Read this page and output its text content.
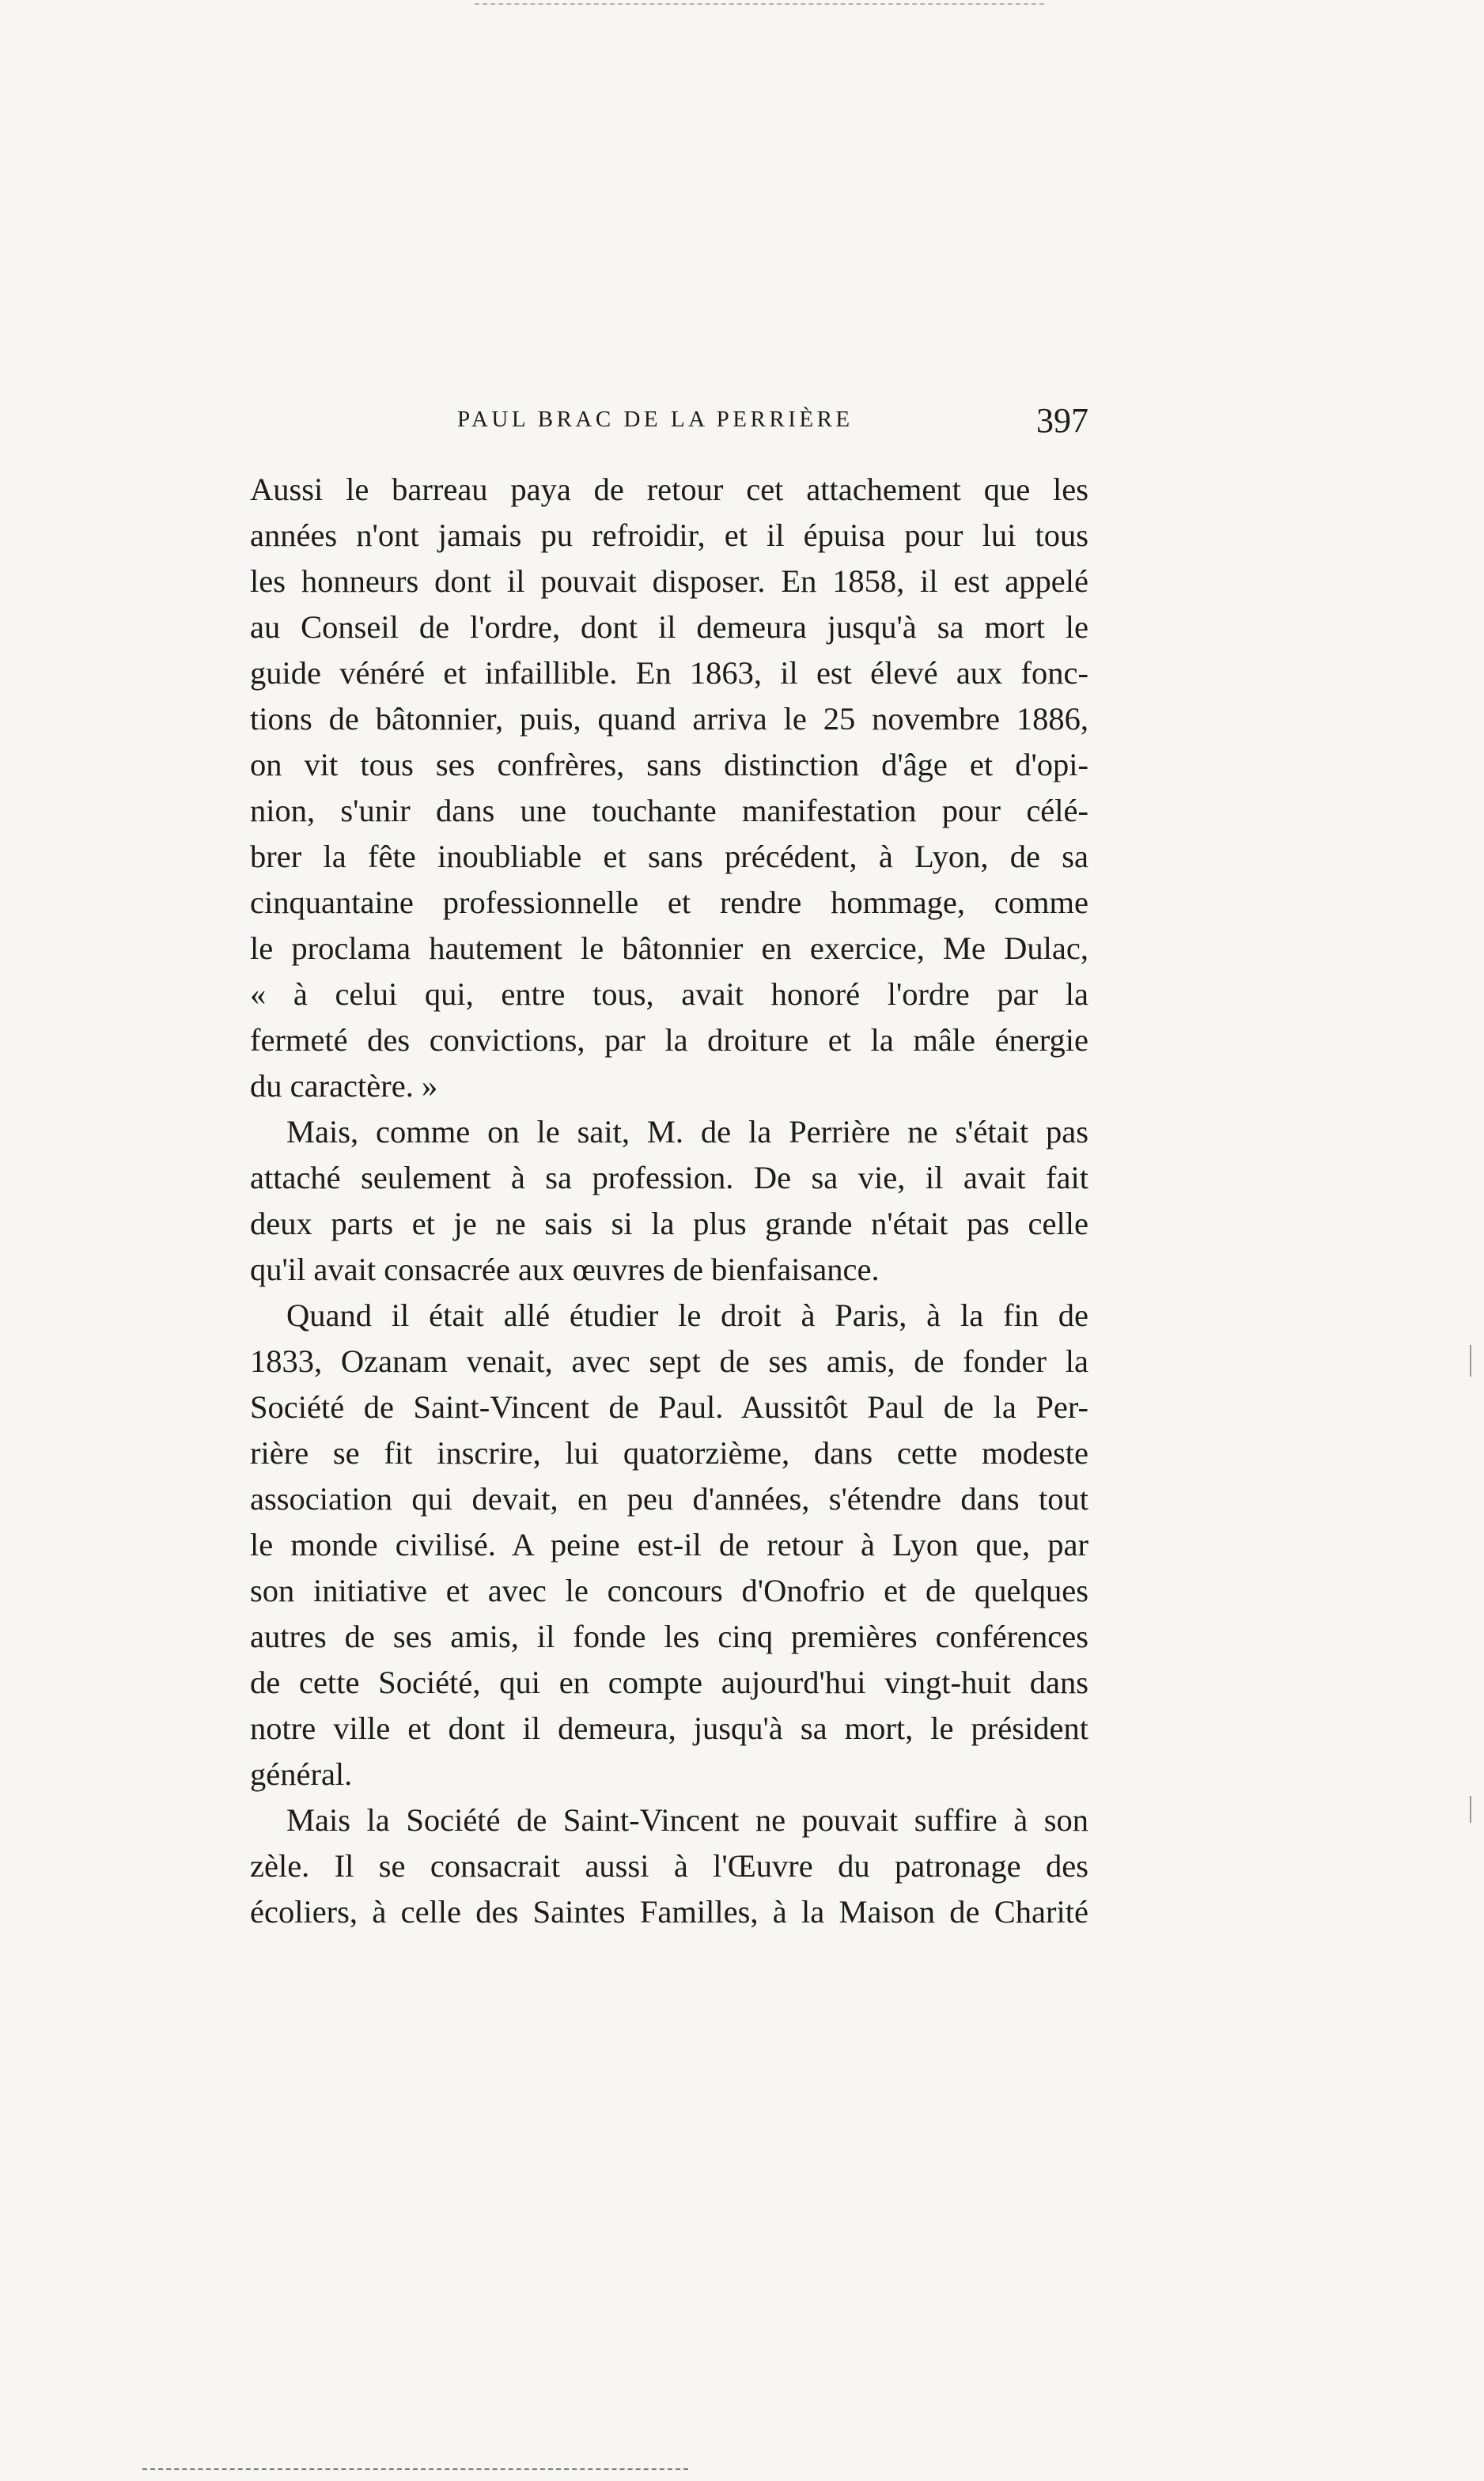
PAUL BRAC DE LA PERRIÈRE	397

Aussi le barreau paya de retour cet attachement que les
années n'ont jamais pu refroidir, et il épuisa pour lui tous
les honneurs dont il pouvait disposer. En 1858, il est appelé
au Conseil de l'ordre, dont il demeura jusqu'à sa mort le
guide vénéré et infaillible. En 1863, il est élevé aux fonc-
tions de bâtonnier, puis, quand arriva le 25 novembre 1886,
on vit tous ses confrères, sans distinction d'âge et d'opi-
nion, s'unir dans une touchante manifestation pour célé-
brer la fête inoubliable et sans précédent, à Lyon, de sa
cinquantaine professionnelle et rendre hommage, comme
le proclama hautement le bâtonnier en exercice, Me Dulac,
« à celui qui, entre tous, avait honoré l'ordre par la
fermeté des convictions, par la droiture et la mâle énergie
du caractère. »

Mais, comme on le sait, M. de la Perrière ne s'était pas
attaché seulement à sa profession. De sa vie, il avait fait
deux parts et je ne sais si la plus grande n'était pas celle
qu'il avait consacrée aux œuvres de bienfaisance.

Quand il était allé étudier le droit à Paris, à la fin de
1833, Ozanam venait, avec sept de ses amis, de fonder la
Société de Saint-Vincent de Paul. Aussitôt Paul de la Per-
rière se fit inscrire, lui quatorzième, dans cette modeste
association qui devait, en peu d'années, s'étendre dans tout
le monde civilisé. A peine est-il de retour à Lyon que, par
son initiative et avec le concours d'Onofrio et de quelques
autres de ses amis, il fonde les cinq premières conférences
de cette Société, qui en compte aujourd'hui vingt-huit dans
notre ville et dont il demeura, jusqu'à sa mort, le président
général.

Mais la Société de Saint-Vincent ne pouvait suffire à son
zèle. Il se consacrait aussi à l'Œuvre du patronage des
écoliers, à celle des Saintes Familles, à la Maison de Charité
